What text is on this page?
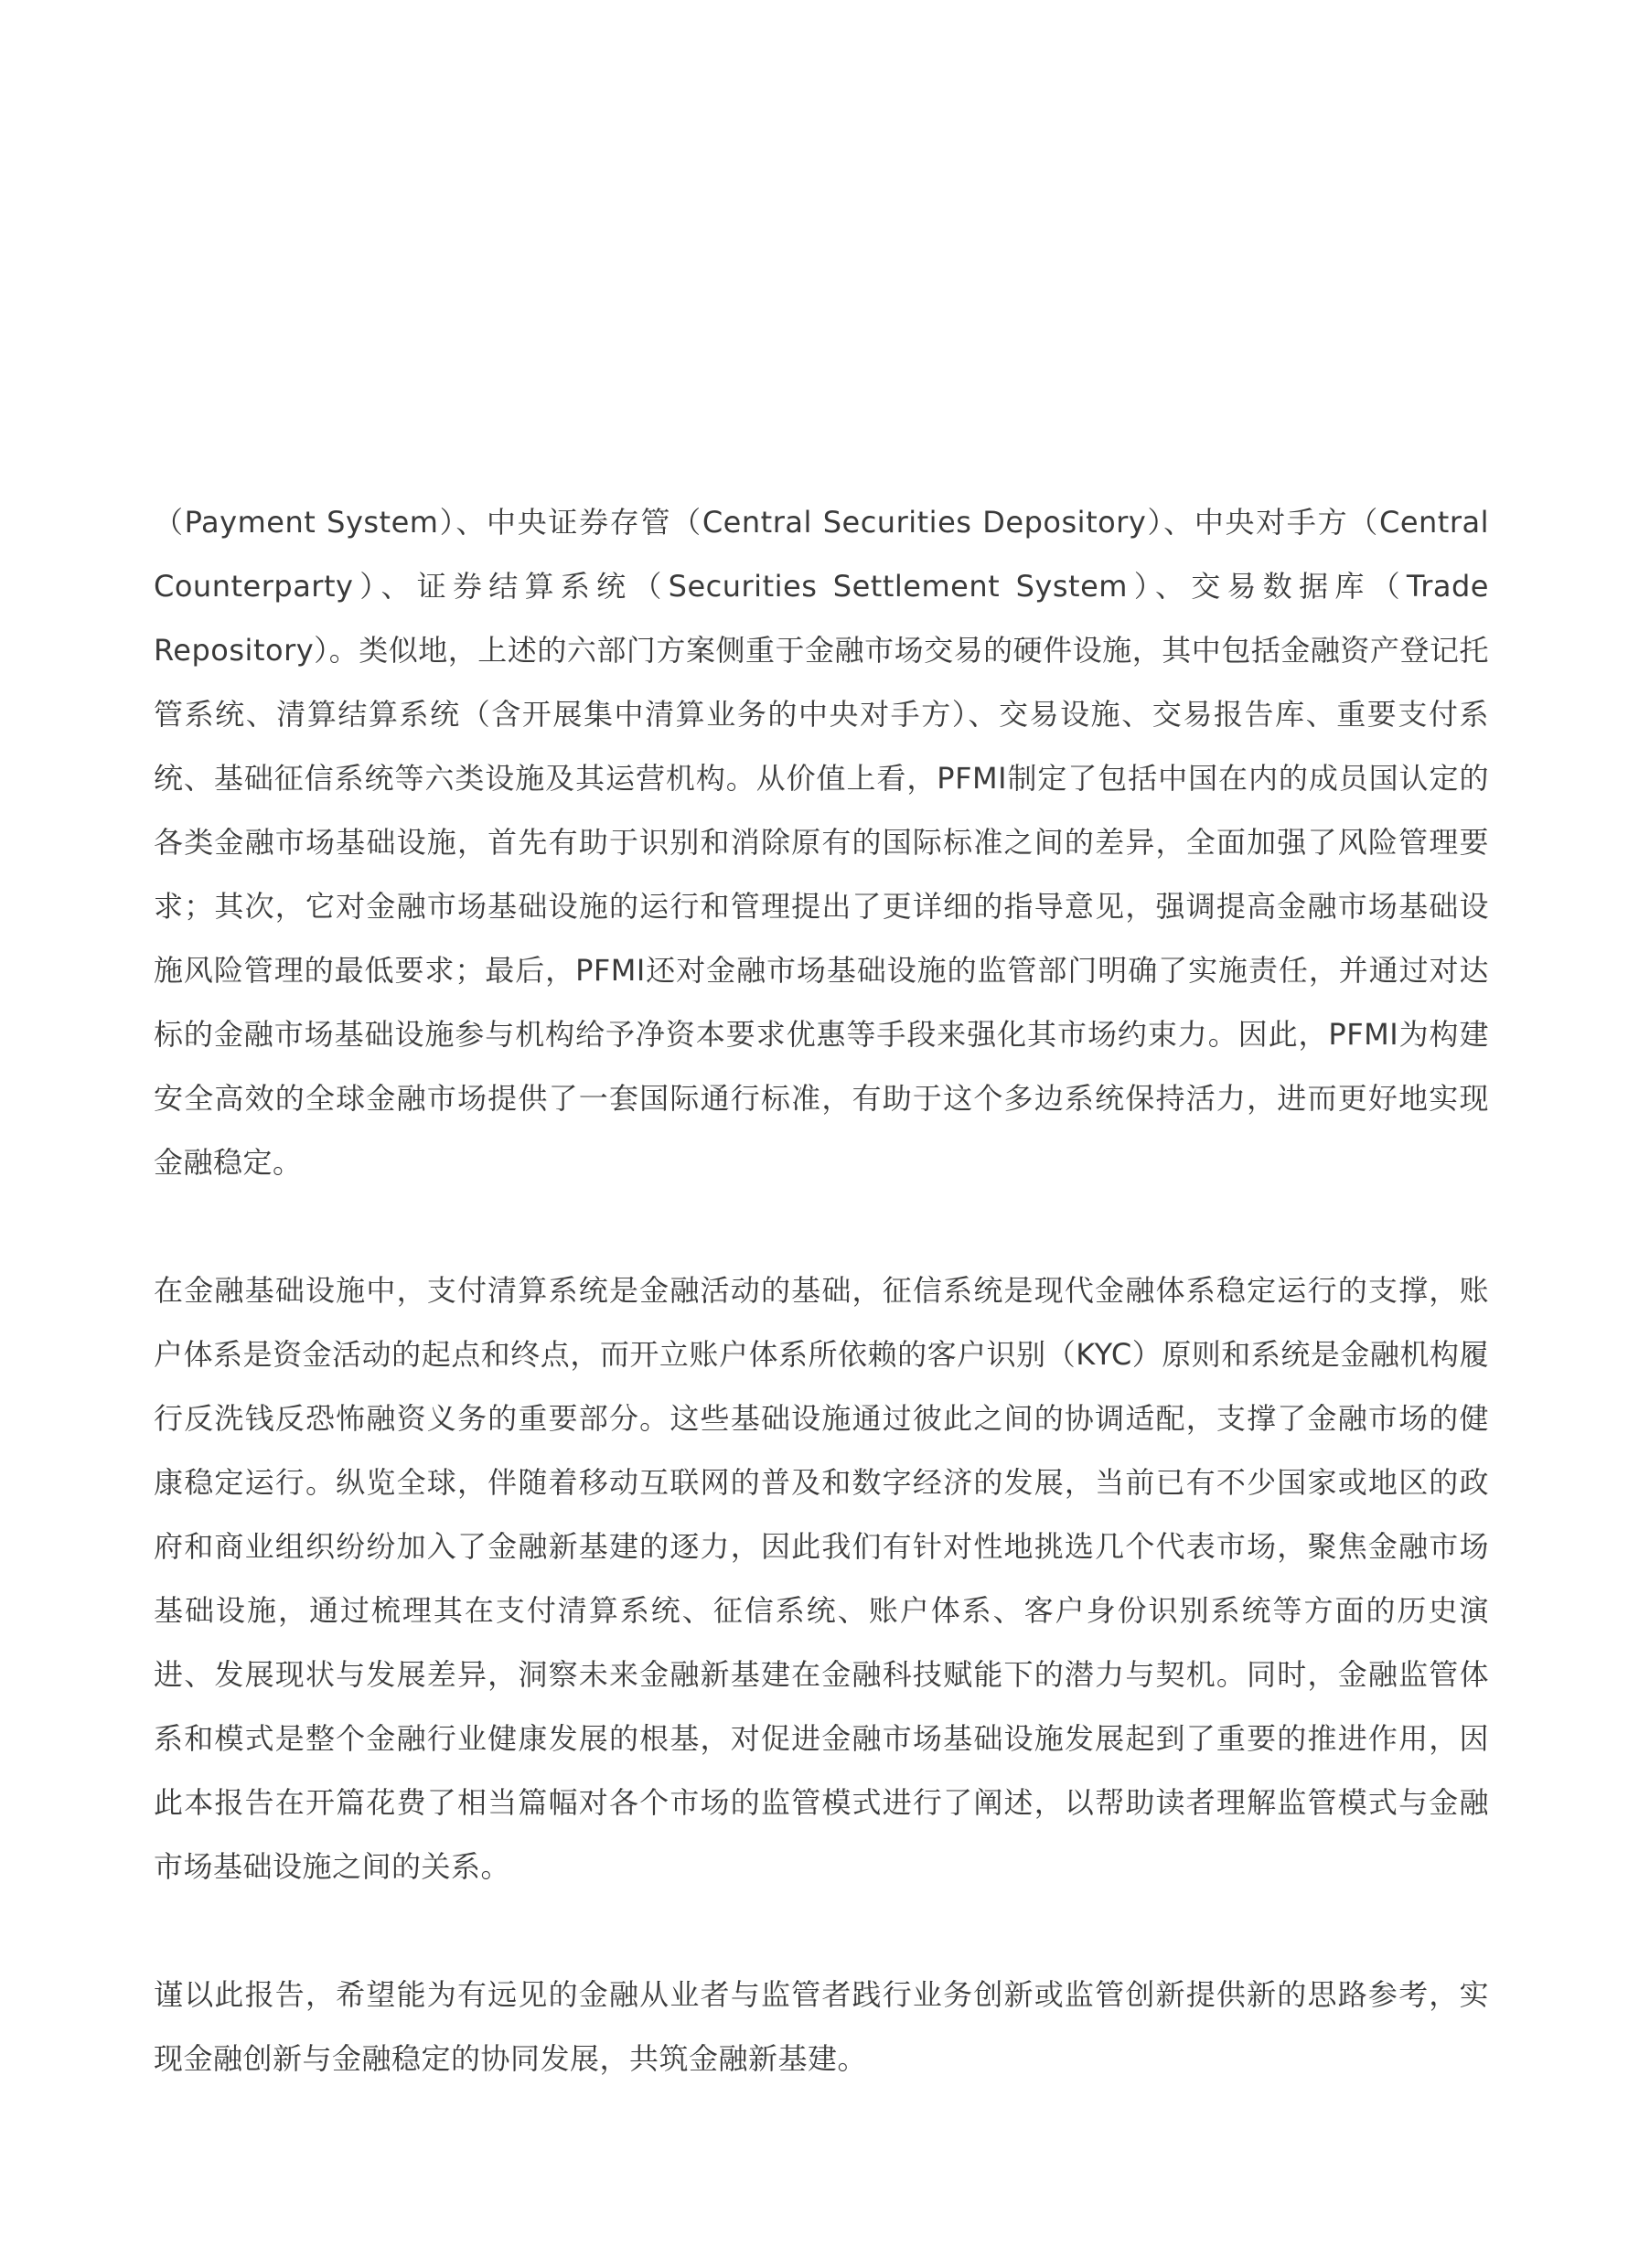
（Payment System）、中央证券存管（Central Securities Depository）、中央对手方（Central Counterparty）、证券结算系统（Securities Settlement System）、交易数据库（Trade Repository）。类似地，上述的六部门方案侧重于金融市场交易的硬件设施，其中包括金融资产登记托管系统、清算结算系统（含开展集中清算业务的中央对手方）、交易设施、交易报告库、重要支付系统、基础征信系统等六类设施及其运营机构。从价值上看，PFMI制定了包括中国在内的成员国认定的各类金融市场基础设施，首先有助于识别和消除原有的国际标准之间的差异，全面加强了风险管理要求；其次，它对金融市场基础设施的运行和管理提出了更详细的指导意见，强调提高金融市场基础设施风险管理的最低要求；最后，PFMI还对金融市场基础设施的监管部门明确了实施责任，并通过对达标的金融市场基础设施参与机构给予净资本要求优惠等手段来强化其市场约束力。因此，PFMI为构建安全高效的全球金融市场提供了一套国际通行标准，有助于这个多边系统保持活力，进而更好地实现金融稳定。

在金融基础设施中，支付清算系统是金融活动的基础，征信系统是现代金融体系稳定运行的支撑，账户体系是资金活动的起点和终点，而开立账户体系所依赖的客户识别（KYC）原则和系统是金融机构履行反洗钱反恐怖融资义务的重要部分。这些基础设施通过彼此之间的协调适配，支撑了金融市场的健康稳定运行。纵览全球，伴随着移动互联网的普及和数字经济的发展，当前已有不少国家或地区的政府和商业组织纷纷加入了金融新基建的逐力，因此我们有针对性地挑选几个代表市场，聚焦金融市场基础设施，通过梳理其在支付清算系统、征信系统、账户体系、客户身份识别系统等方面的历史演进、发展现状与发展差异，洞察未来金融新基建在金融科技赋能下的潜力与契机。同时，金融监管体系和模式是整个金融行业健康发展的根基，对促进金融市场基础设施发展起到了重要的推进作用，因此本报告在开篇花费了相当篇幅对各个市场的监管模式进行了阐述，以帮助读者理解监管模式与金融市场基础设施之间的关系。

谨以此报告，希望能为有远见的金融从业者与监管者践行业务创新或监管创新提供新的思路参考，实现金融创新与金融稳定的协同发展，共筑金融新基建。
